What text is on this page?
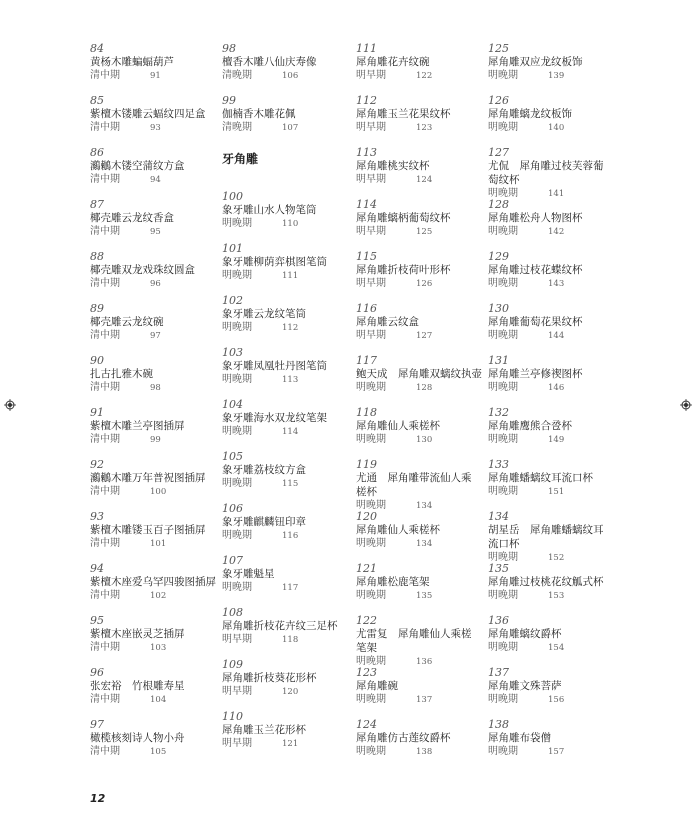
84
黄杨木雕蝙蝠葫芦
清中期	91
85
紫檀木镂雕云蝠纹四足盒
清中期	93
86
鸂鶒木镂空蒲纹方盒
清中期	94
87
椰壳雕云龙纹香盒
清中期	95
88
椰壳雕双龙戏珠纹圆盒
清中期	96
89
椰壳雕云龙纹碗
清中期	97
90
扎古扎雅木碗
清中期	98
91
紫檀木雕兰亭图插屏
清中期	99
92
鸂鶒木雕万年普祝图插屏
清中期	100
93
紫檀木雕镂玉百子图插屏
清中期	101
94
紫檀木座爱乌罕四骏图插屏
清中期	102
95
紫檀木座嵌灵芝插屏
清中期	103
96
张宏裕　竹根雕寿星
清中期	104
97
橄榄核刻诗人物小舟
清中期	105
98
檀香木雕八仙庆寿像
清晚期	106
99
伽楠香木雕花佩
清晚期	107
牙角雕
100
象牙雕山水人物笔筒
明晚期	110
101
象牙雕柳荫弈棋图笔筒
明晚期	111
102
象牙雕云龙纹笔筒
明晚期	112
103
象牙雕凤凰牡丹图笔筒
明晚期	113
104
象牙雕海水双龙纹笔架
明晚期	114
105
象牙雕荔枝纹方盒
明晚期	115
106
象牙雕麒麟钮印章
明晚期	116
107
象牙雕魁星
明晚期	117
108
犀角雕折枝花卉纹三足杯
明早期	118
109
犀角雕折枝葵花形杯
明早期	120
110
犀角雕玉兰花形杯
明早期	121
111
犀角雕花卉纹碗
明早期	122
112
犀角雕玉兰花果纹杯
明早期	123
113
犀角雕桃实纹杯
明早期	124
114
犀角雕螭柄葡萄纹杯
明早期	125
115
犀角雕折枝荷叶形杯
明早期	126
116
犀角雕云纹盒
明早期	127
117
鲍天成　犀角雕双螭纹执壶
明晚期	128
118
犀角雕仙人乘槎杯
明晚期	130
119
尤通　犀角雕带流仙人乘槎杯
明晚期	134
120
犀角雕仙人乘槎杯
明晚期	134
121
犀角雕松鹿笔架
明晚期	135
122
尤雷复　犀角雕仙人乘槎笔架
明晚期	136
123
犀角雕碗
明晚期	137
124
犀角雕仿古莲纹爵杯
明晚期	138
125
犀角雕双应龙纹板饰
明晚期	139
126
犀角雕螭龙纹板饰
明晚期	140
127
尤侃　犀角雕过枝芙蓉葡萄纹杯
明晚期	141
128
犀角雕松舟人物图杯
明晚期	142
129
犀角雕过枝花蝶纹杯
明晚期	143
130
犀角雕葡萄花果纹杯
明晚期	144
131
犀角雕兰亭修禊图杯
明晚期	146
132
犀角雕鹰熊合卺杯
明晚期	149
133
犀角雕蟠螭纹耳流口杯
明晚期	151
134
胡星岳　犀角雕蟠螭纹耳流口杯
明晚期	152
135
犀角雕过枝桃花纹觚式杯
明晚期	153
136
犀角雕螭纹爵杯
明晚期	154
137
犀角雕文殊菩萨
明晚期	156
138
犀角雕布袋僧
明晚期	157
12
